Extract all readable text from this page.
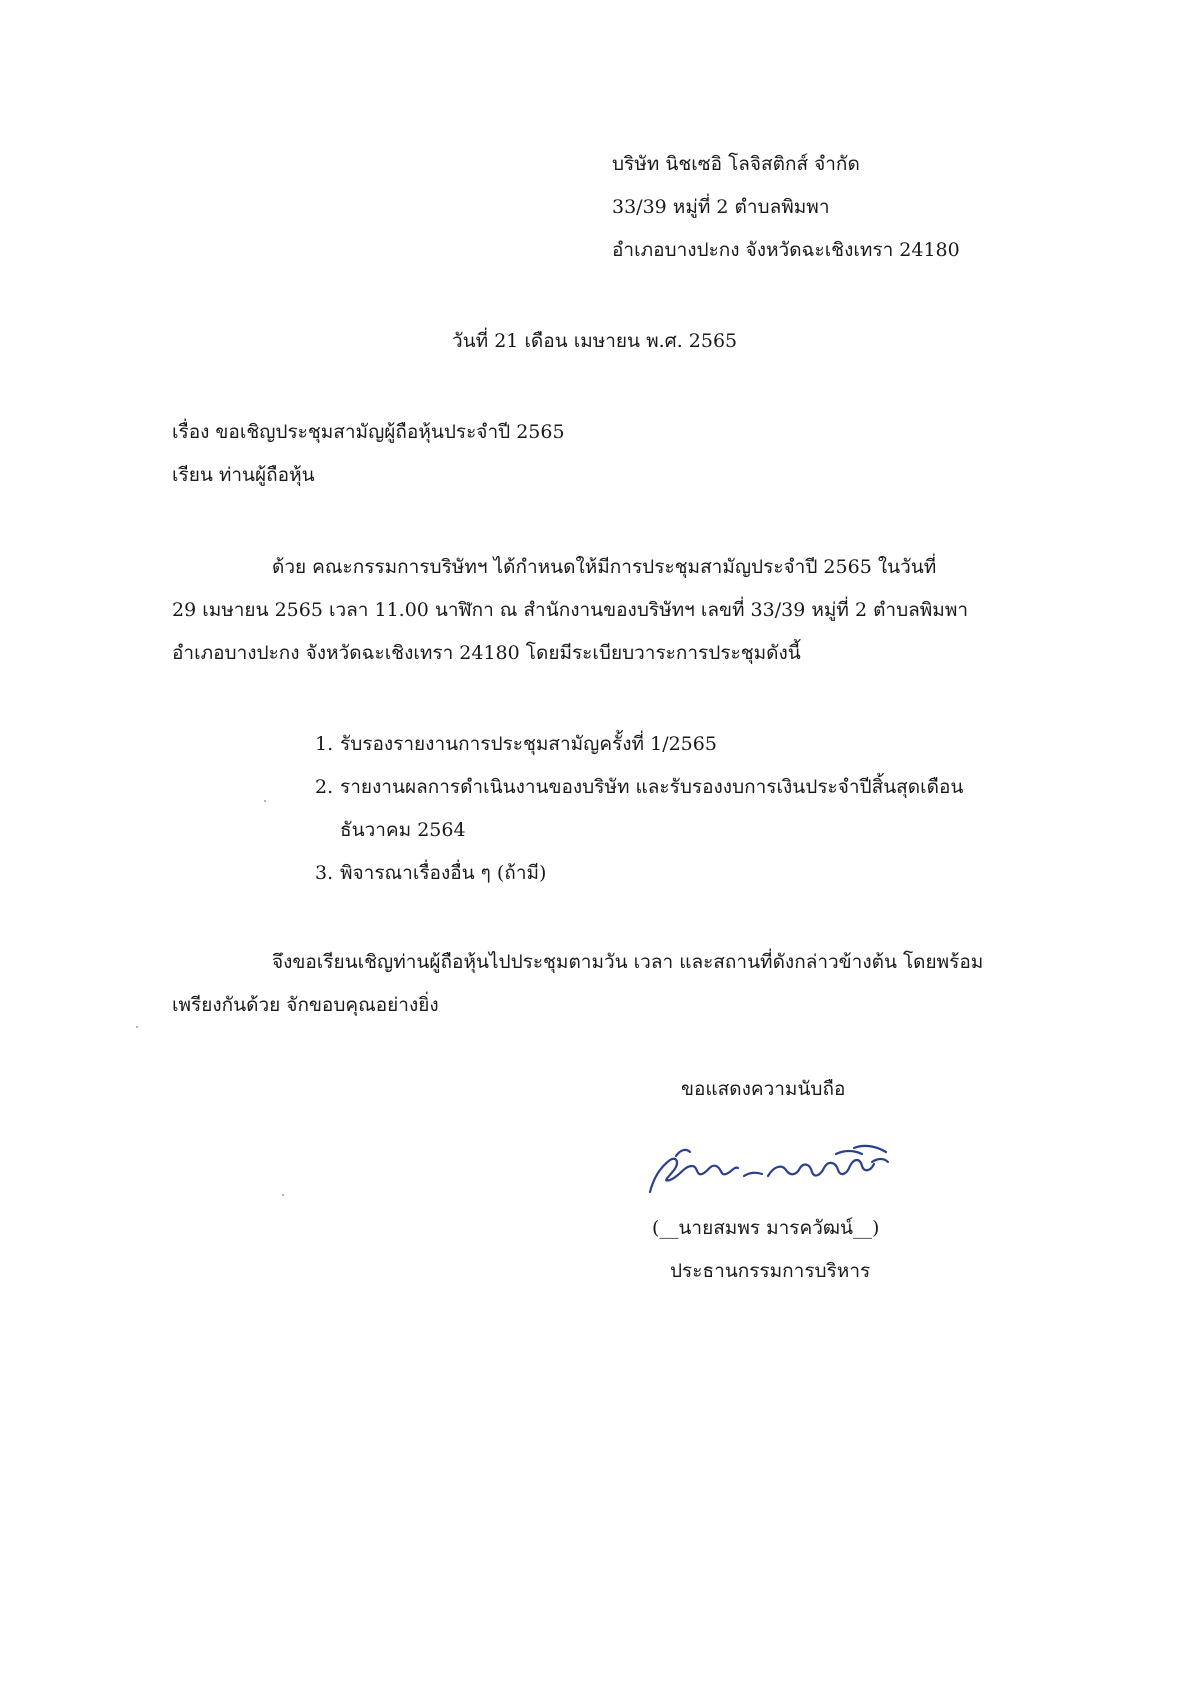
บริษัท นิชเซอิ โลจิสติกส์ จำกัด
33/39 หมู่ที่ 2 ตำบลพิมพา
อำเภอบางปะกง จังหวัดฉะเชิงเทรา 24180
วันที่ 21 เดือน เมษายน พ.ศ. 2565
เรื่อง ขอเชิญประชุมสามัญผู้ถือหุ้นประจำปี 2565
เรียน ท่านผู้ถือหุ้น
ด้วย คณะกรรมการบริษัทฯ ได้กำหนดให้มีการประชุมสามัญประจำปี 2565 ในวันที่
29 เมษายน 2565 เวลา 11.00 นาฬิกา ณ สำนักงานของบริษัทฯ เลขที่ 33/39 หมู่ที่ 2 ตำบลพิมพา
อำเภอบางปะกง จังหวัดฉะเชิงเทรา 24180 โดยมีระเบียบวาระการประชุมดังนี้
1. รับรองรายงานการประชุมสามัญครั้งที่ 1/2565
2. รายงานผลการดำเนินงานของบริษัท และรับรองงบการเงินประจำปีสิ้นสุดเดือน
ธันวาคม 2564
3. พิจารณาเรื่องอื่น ๆ (ถ้ามี)
จึงขอเรียนเชิญท่านผู้ถือหุ้นไปประชุมตามวัน เวลา และสถานที่ดังกล่าวข้างต้น โดยพร้อม
เพรียงกันด้วย จักขอบคุณอย่างยิ่ง
ขอแสดงความนับถือ
(__นายสมพร มารควัฒน์__)
ประธานกรรมการบริหาร
